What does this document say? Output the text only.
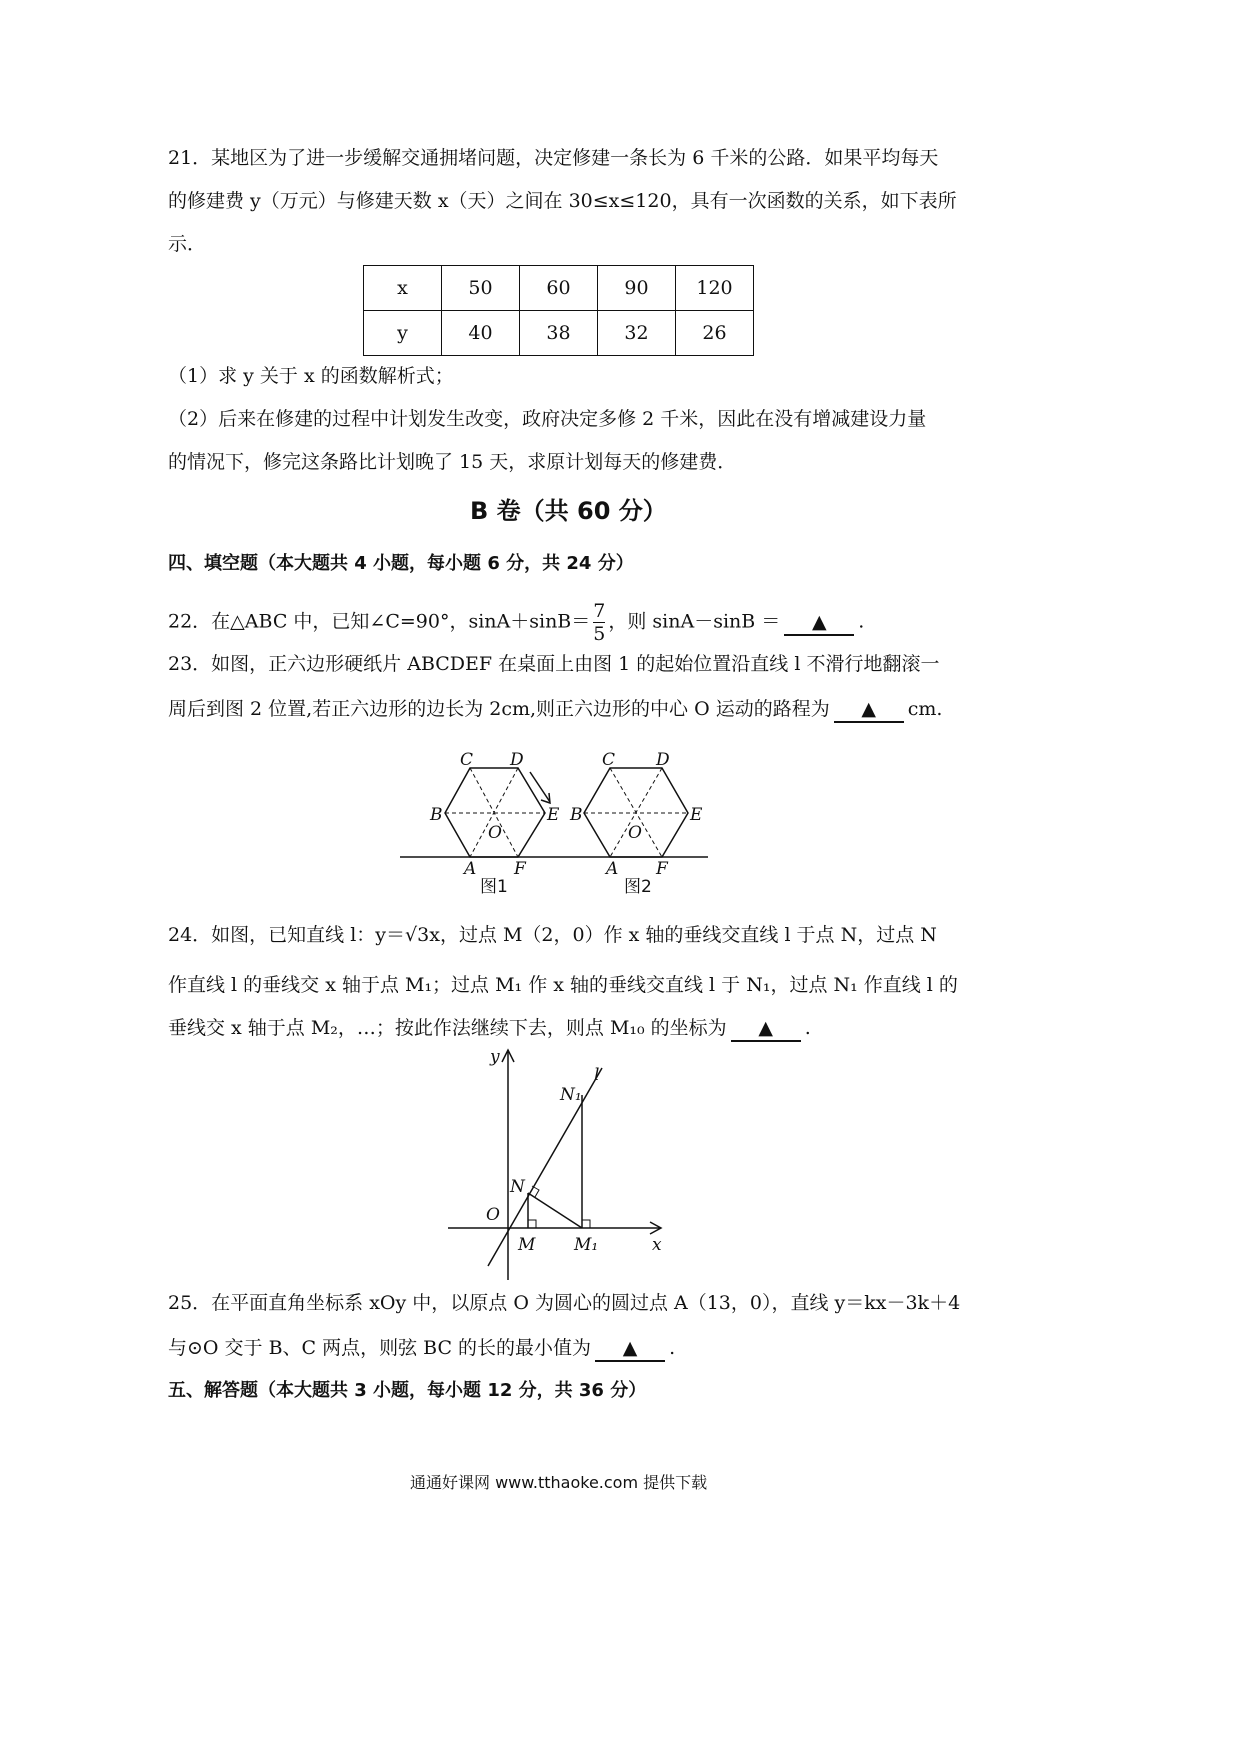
21．某地区为了进一步缓解交通拥堵问题，决定修建一条长为 6 千米的公路．如果平均每天
的修建费 y（万元）与修建天数 x（天）之间在 30≤x≤120，具有一次函数的关系，如下表所
示．
x	50	60	90	120
y	40	38	32	26
（1）求 y 关于 x 的函数解析式；
（2）后来在修建的过程中计划发生改变，政府决定多修 2 千米，因此在没有增减建设力量
的情况下，修完这条路比计划晚了 15 天，求原计划每天的修建费．
B 卷（共 60 分）
四、填空题（本大题共 4 小题，每小题 6 分，共 24 分）
22．在△ABC 中，已知∠C=90°，$\sin A+\sin B= \frac{7}{5}$ ，则 sinA－sinB ＝ ▲ .
23．如图，正六边形硬纸片 ABCDEF 在桌面上由图 1 的起始位置沿直线 l 不滑行地翻滚一
周后到图 2 位置,若正六边形的边长为 2cm,则正六边形的中心 O 运动的路程为 ▲ cm.
C D
B
O
E
A F
C D
B
O
E
A F
图1	图2
y
x
O
M M₁
N
N₁
l
24．如图，已知直线 l：y＝√3x，过点 M（2，0）作 x 轴的垂线交直线 l 于点 N，过点 N
作直线 l 的垂线交 x 轴于点 M₁；过点 M₁ 作 x 轴的垂线交直线 l 于 N₁，过点 N₁ 作直线 l 的
垂线交 x 轴于点 M₂，…；按此作法继续下去，则点 M₁₀ 的坐标为 ▲ .
25．在平面直角坐标系 xOy 中，以原点 O 为圆心的圆过点 A（13，0），直线 y＝kx－3k＋4
与⊙O 交于 B、C 两点，则弦 BC 的长的最小值为 ▲ .
五、解答题（本大题共 3 小题，每小题 12 分，共 36 分）
通通好课网 www.tthaoke.com 提供下载
